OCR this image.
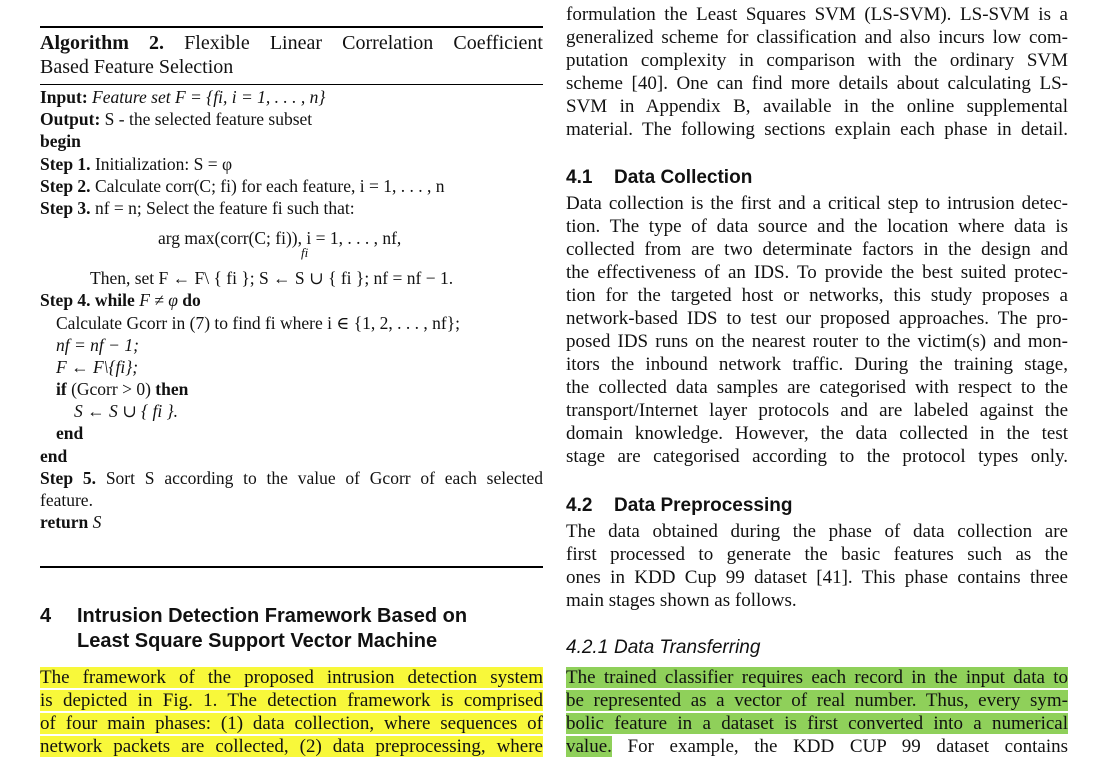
Algorithm 2. Flexible Linear Correlation Coefficient
Based Feature Selection
Input: Feature set F = {fi, i = 1, . . . , n}
Output: S - the selected feature subset
begin
Step 1. Initialization: S = φ
Step 2. Calculate corr(C; fi) for each feature, i = 1, . . . , n
Step 3. nf = n; Select the feature fi such that:
arg max(corr(C; fi)), i = 1, . . . , nf,
fi
Then, set F ← F\ { fi }; S ← S ∪ { fi }; nf = nf − 1.
Step 4. while F ≠ φ do
Calculate Gcorr in (7) to find fi where i ∈ {1, 2, . . . , nf};
nf = nf − 1;
F ← F\{fi};
if (Gcorr > 0) then
S ← S ∪ { fi }.
end
end
Step 5. Sort S according to the value of Gcorr of each selected
feature.
return S
4 Intrusion Detection Framework Based on
Least Square Support Vector Machine
The framework of the proposed intrusion detection system
is depicted in Fig. 1. The detection framework is comprised
of four main phases: (1) data collection, where sequences of
network packets are collected, (2) data preprocessing, where
formulation the Least Squares SVM (LS-SVM). LS-SVM is a
generalized scheme for classification and also incurs low com-
putation complexity in comparison with the ordinary SVM
scheme [40]. One can find more details about calculating LS-
SVM in Appendix B, available in the online supplemental
material. The following sections explain each phase in detail.
4.1 Data Collection
Data collection is the first and a critical step to intrusion detec-
tion. The type of data source and the location where data is
collected from are two determinate factors in the design and
the effectiveness of an IDS. To provide the best suited protec-
tion for the targeted host or networks, this study proposes a
network-based IDS to test our proposed approaches. The pro-
posed IDS runs on the nearest router to the victim(s) and mon-
itors the inbound network traffic. During the training stage,
the collected data samples are categorised with respect to the
transport/Internet layer protocols and are labeled against the
domain knowledge. However, the data collected in the test
stage are categorised according to the protocol types only.
4.2 Data Preprocessing
The data obtained during the phase of data collection are
first processed to generate the basic features such as the
ones in KDD Cup 99 dataset [41]. This phase contains three
main stages shown as follows.
4.2.1 Data Transferring
The trained classifier requires each record in the input data to
be represented as a vector of real number. Thus, every sym-
bolic feature in a dataset is first converted into a numerical
value. For example, the KDD CUP 99 dataset contains
